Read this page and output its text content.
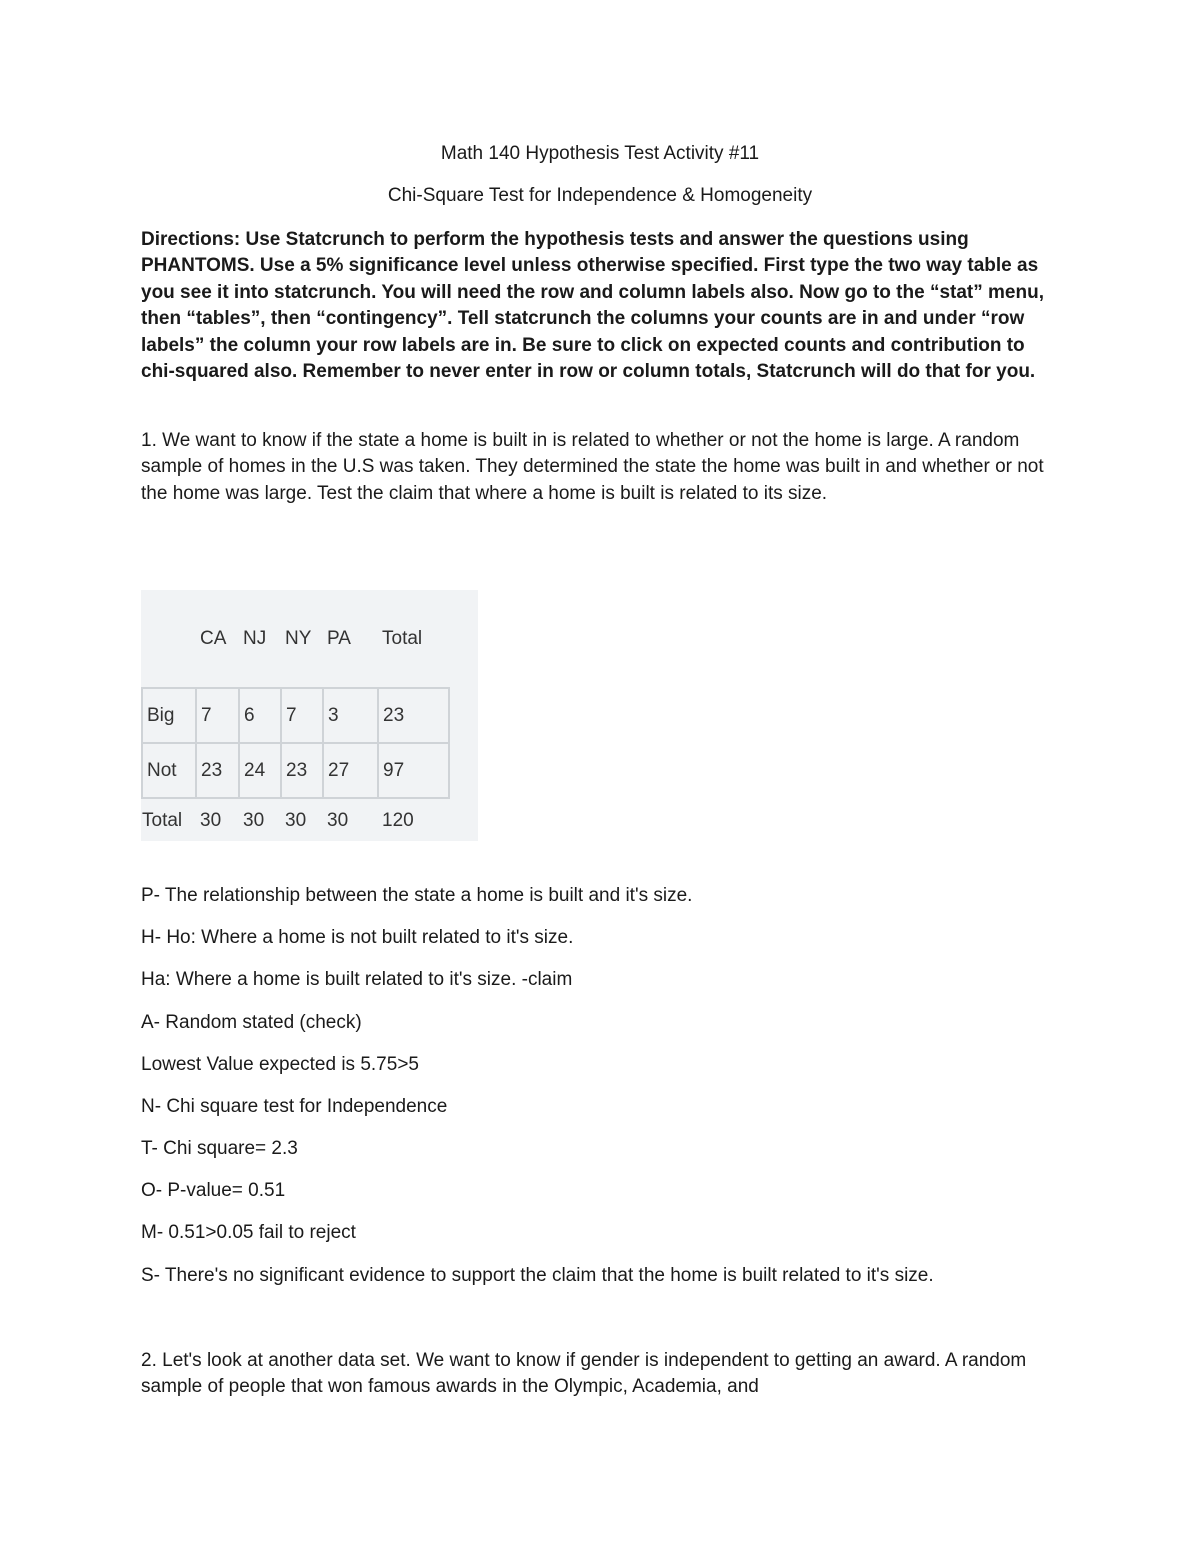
Math 140 Hypothesis Test Activity #11
Chi-Square Test for Independence & Homogeneity
Directions: Use Statcrunch to perform the hypothesis tests and answer the questions using PHANTOMS. Use a 5% significance level unless otherwise specified. First type the two way table as you see it into statcrunch. You will need the row and column labels also. Now go to the “stat” menu, then “tables”, then “contingency”. Tell statcrunch the columns your counts are in and under “row labels” the column your row labels are in. Be sure to click on expected counts and contribution to chi-squared also. Remember to never enter in row or column totals, Statcrunch will do that for you.
1. We want to know if the state a home is built in is related to whether or not the home is large. A random sample of homes in the U.S was taken. They determined the state the home was built in and whether or not the home was large. Test the claim that where a home is built is related to its size.
	CA	NJ	NY	PA	Total
Big	7	6	7	3	23
Not	23	24	23	27	97
Total	30	30	30	30	120
P- The relationship between the state a home is built and it's size.
H- Ho: Where a home is not built related to it's size.
Ha: Where a home is built related to it's size. -claim
A- Random stated (check)
Lowest Value expected is 5.75>5
N- Chi square test for Independence
T- Chi square= 2.3
O- P-value= 0.51
M- 0.51>0.05 fail to reject
S- There's no significant evidence to support the claim that the home is built related to it's size.
2. Let's look at another data set. We want to know if gender is independent to getting an award. A random sample of people that won famous awards in the Olympic, Academia, and
